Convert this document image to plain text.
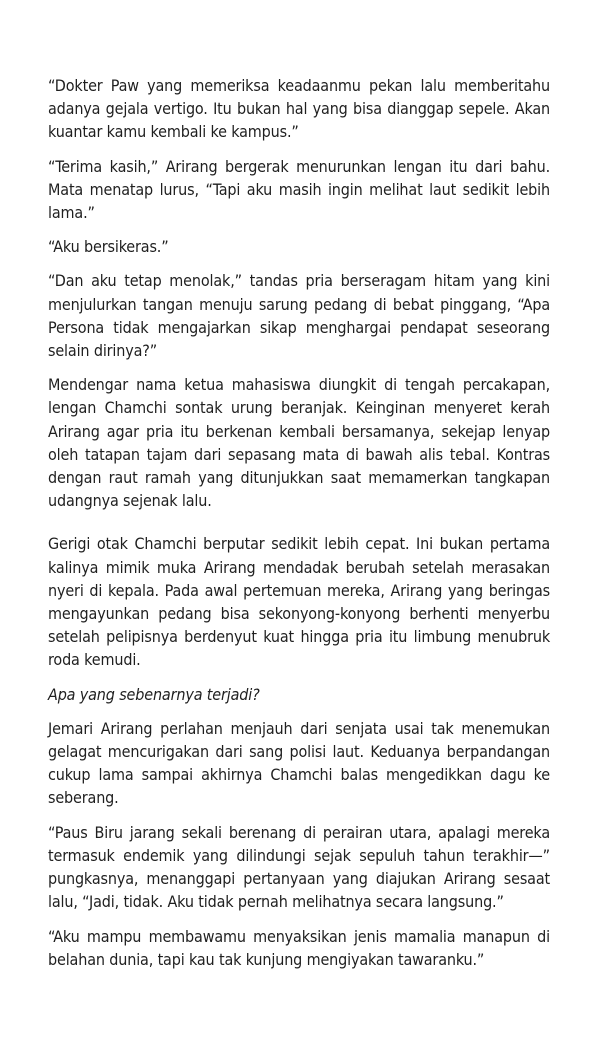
“Dokter Paw yang memeriksa keadaanmu pekan lalu memberitahu adanya gejala vertigo. Itu bukan hal yang bisa dianggap sepele. Akan kuantar kamu kembali ke kampus.”

“Terima kasih,” Arirang bergerak menurunkan lengan itu dari bahu. Mata menatap lurus, “Tapi aku masih ingin melihat laut sedikit lebih lama.”

“Aku bersikeras.”

“Dan aku tetap menolak,” tandas pria berseragam hitam yang kini menjulurkan tangan menuju sarung pedang di bebat pinggang, “Apa Persona tidak mengajarkan sikap menghargai pendapat seseorang selain dirinya?”

Mendengar nama ketua mahasiswa diungkit di tengah percakapan, lengan Chamchi sontak urung beranjak. Keinginan menyeret kerah Arirang agar pria itu berkenan kembali bersamanya, sekejap lenyap oleh tatapan tajam dari sepasang mata di bawah alis tebal. Kontras dengan raut ramah yang ditunjukkan saat memamerkan tangkapan udangnya sejenak lalu.

Gerigi otak Chamchi berputar sedikit lebih cepat. Ini bukan pertama kalinya mimik muka Arirang mendadak berubah setelah merasakan nyeri di kepala. Pada awal pertemuan mereka, Arirang yang beringas mengayunkan pedang bisa sekonyong-konyong berhenti menyerbu setelah pelipisnya berdenyut kuat hingga pria itu limbung menubruk roda kemudi.

Apa yang sebenarnya terjadi?

Jemari Arirang perlahan menjauh dari senjata usai tak menemukan gelagat mencurigakan dari sang polisi laut. Keduanya berpandangan cukup lama sampai akhirnya Chamchi balas mengedikkan dagu ke seberang.

“Paus Biru jarang sekali berenang di perairan utara, apalagi mereka termasuk endemik yang dilindungi sejak sepuluh tahun terakhir—” pungkasnya, menanggapi pertanyaan yang diajukan Arirang sesaat lalu, “Jadi, tidak. Aku tidak pernah melihatnya secara langsung.”

“Aku mampu membawamu menyaksikan jenis mamalia manapun di belahan dunia, tapi kau tak kunjung mengiyakan tawaranku.”
